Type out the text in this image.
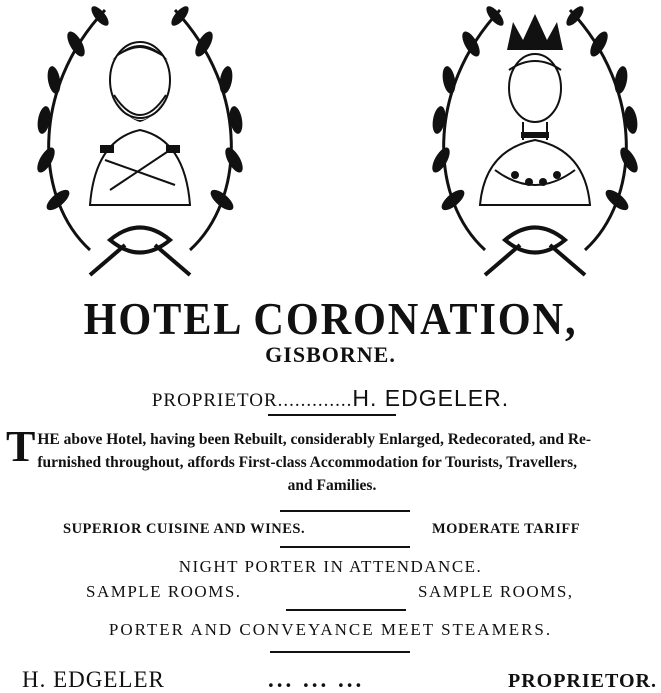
HOTEL CORONATION,
GISBORNE.
PROPRIETOR.............H. EDGELER.
T HE above Hotel, having been Rebuilt, considerably Enlarged, Redecorated, and Re-
furnished throughout, affords First-class Accommodation for Tourists, Travellers,
and Families.
SUPERIOR CUISINE AND WINES.	MODERATE TARIFF
NIGHT PORTER IN ATTENDANCE.
SAMPLE ROOMS.	SAMPLE ROOMS,
PORTER AND CONVEYANCE MEET STEAMERS.
H. EDGELER	... ... ...	PROPRIETOR.
